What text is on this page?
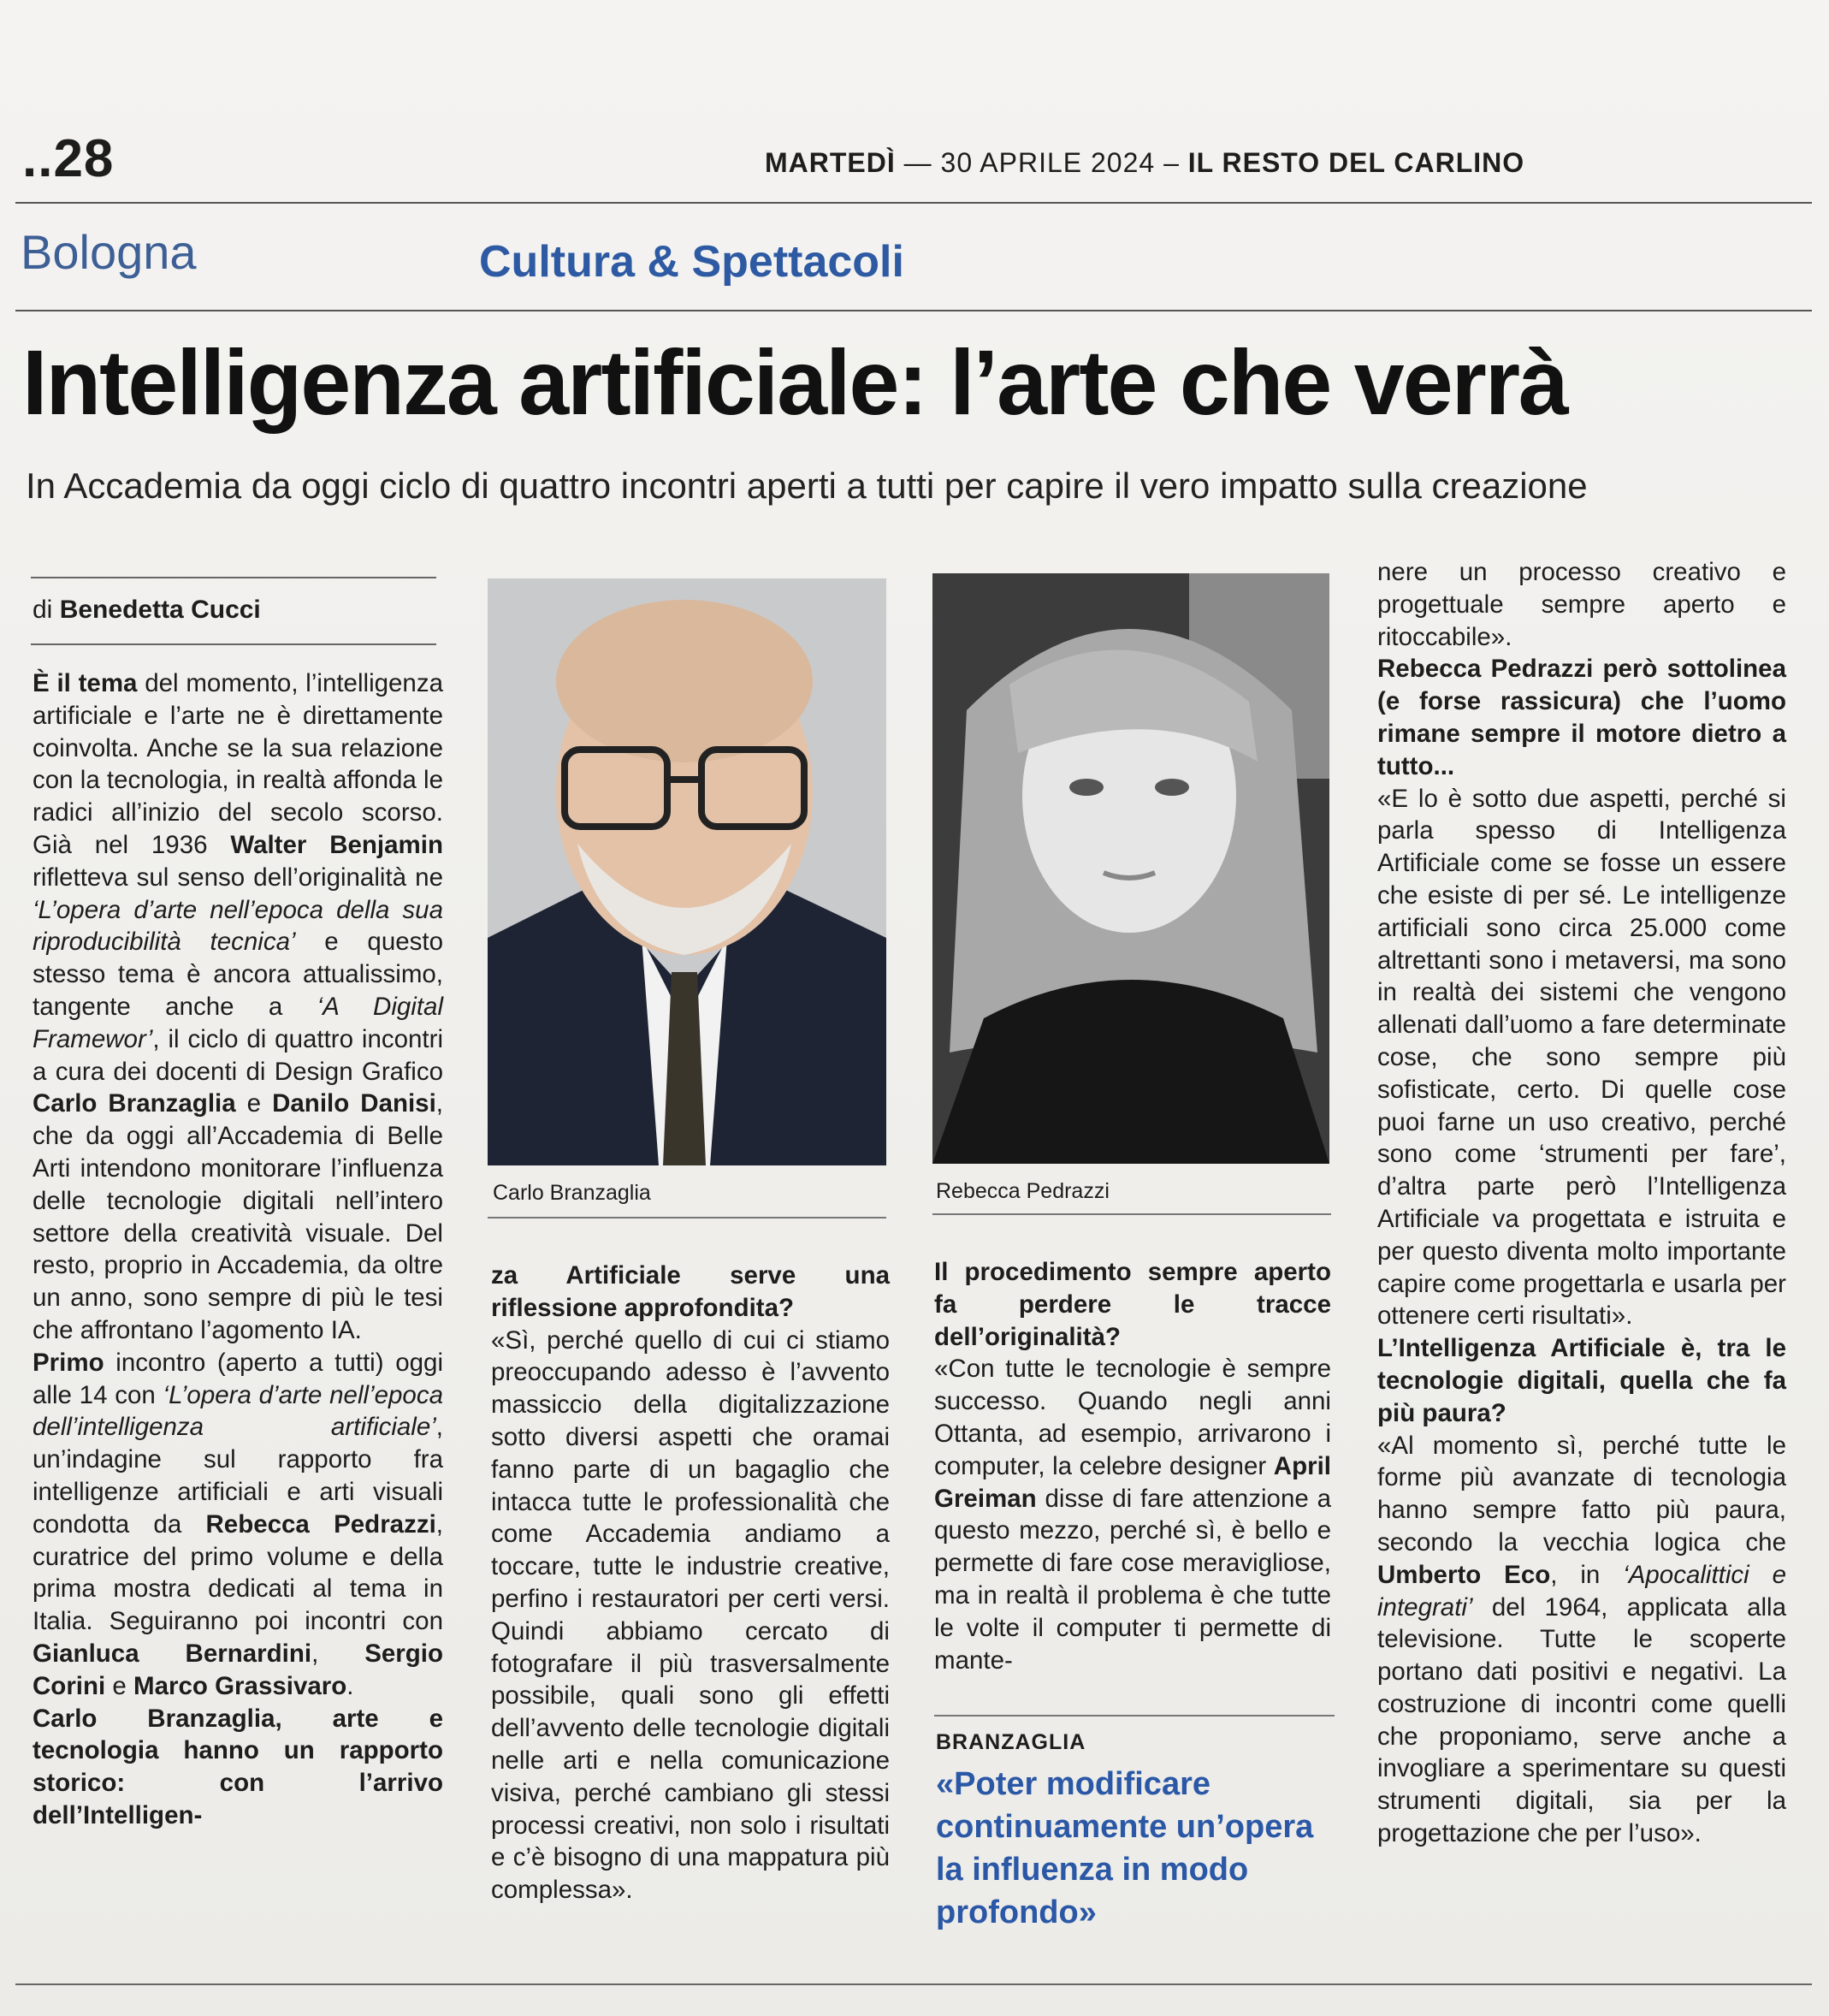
..28	MARTEDÌ — 30 APRILE 2024 – IL RESTO DEL CARLINO
Bologna	Cultura & Spettacoli
Intelligenza artificiale: l’arte che verrà
In Accademia da oggi ciclo di quattro incontri aperti a tutti per capire il vero impatto sulla creazione
di Benedetta Cucci

È il tema del momento, l’intelligenza artificiale e l’arte ne è direttamente coinvolta. Anche se la sua relazione con la tecnologia, in realtà affonda le radici all’inizio del secolo scorso. Già nel 1936 Walter Benjamin rifletteva sul senso dell’originalità ne ‘L’opera d’arte nell’epoca della sua riproducibilità tecnica’ e questo stesso tema è ancora attualissimo, tangente anche a ‘A Digital Framewor’, il ciclo di quattro incontri a cura dei docenti di Design Grafico Carlo Branzaglia e Danilo Danisi, che da oggi all’Accademia di Belle Arti intendono monitorare l’influenza delle tecnologie digitali nell’intero settore della creatività visuale. Del resto, proprio in Accademia, da oltre un anno, sono sempre di più le tesi che affrontano l’agomento IA.

Primo incontro (aperto a tutti) oggi alle 14 con ‘L’opera d’arte nell’epoca dell’intelligenza artificiale’, un’indagine sul rapporto fra intelligenze artificiali e arti visuali condotta da Rebecca Pedrazzi, curatrice del primo volume e della prima mostra dedicati al tema in Italia. Seguiranno poi incontri con Gianluca Bernardini, Sergio Corini e Marco Grassivaro.

Carlo Branzaglia, arte e tecnologia hanno un rapporto storico: con l’arrivo dell’Intelligen-

Carlo Branzaglia	Rebecca Pedrazzi

za Artificiale serve una riflessione approfondita?

«Sì, perché quello di cui ci stiamo preoccupando adesso è l’avvento massiccio della digitalizzazione sotto diversi aspetti che oramai fanno parte di un bagaglio che intacca tutte le professionalità che come Accademia andiamo a toccare, tutte le industrie creative, perfino i restauratori per certi versi. Quindi abbiamo cercato di fotografare il più trasversalmente possibile, quali sono gli effetti dell’avvento delle tecnologie digitali nelle arti e nella comunicazione visiva, perché cambiano gli stessi processi creativi, non solo i risultati e c’è bisogno di una mappatura più complessa».

Il procedimento sempre aperto fa perdere le tracce dell’originalità?

«Con tutte le tecnologie è sempre successo. Quando negli anni Ottanta, ad esempio, arrivarono i computer, la celebre designer April Greiman disse di fare attenzione a questo mezzo, perché sì, è bello e permette di fare cose meravigliose, ma in realtà il problema è che tutte le volte il computer ti permette di mante-

BRANZAGLIA
«Poter modificare continuamente un’opera la influenza in modo profondo»

nere un processo creativo e progettuale sempre aperto e ritoccabile».

Rebecca Pedrazzi però sottolinea (e forse rassicura) che l’uomo rimane sempre il motore dietro a tutto...

«E lo è sotto due aspetti, perché si parla spesso di Intelligenza Artificiale come se fosse un essere che esiste di per sé. Le intelligenze artificiali sono circa 25.000 come altrettanti sono i metaversi, ma sono in realtà dei sistemi che vengono allenati dall’uomo a fare determinate cose, che sono sempre più sofisticate, certo. Di quelle cose puoi farne un uso creativo, perché sono come ‘strumenti per fare’, d’altra parte però l’Intelligenza Artificiale va progettata e istruita e per questo diventa molto importante capire come progettarla e usarla per ottenere certi risultati».

L’Intelligenza Artificiale è, tra le tecnologie digitali, quella che fa più paura?

«Al momento sì, perché tutte le forme più avanzate di tecnologia hanno sempre fatto più paura, secondo la vecchia logica che Umberto Eco, in ‘Apocalittici e integrati’ del 1964, applicata alla televisione. Tutte le scoperte portano dati positivi e negativi. La costruzione di incontri come quelli che proponiamo, serve anche a invogliare a sperimentare su questi strumenti digitali, sia per la progettazione che per l’uso».
